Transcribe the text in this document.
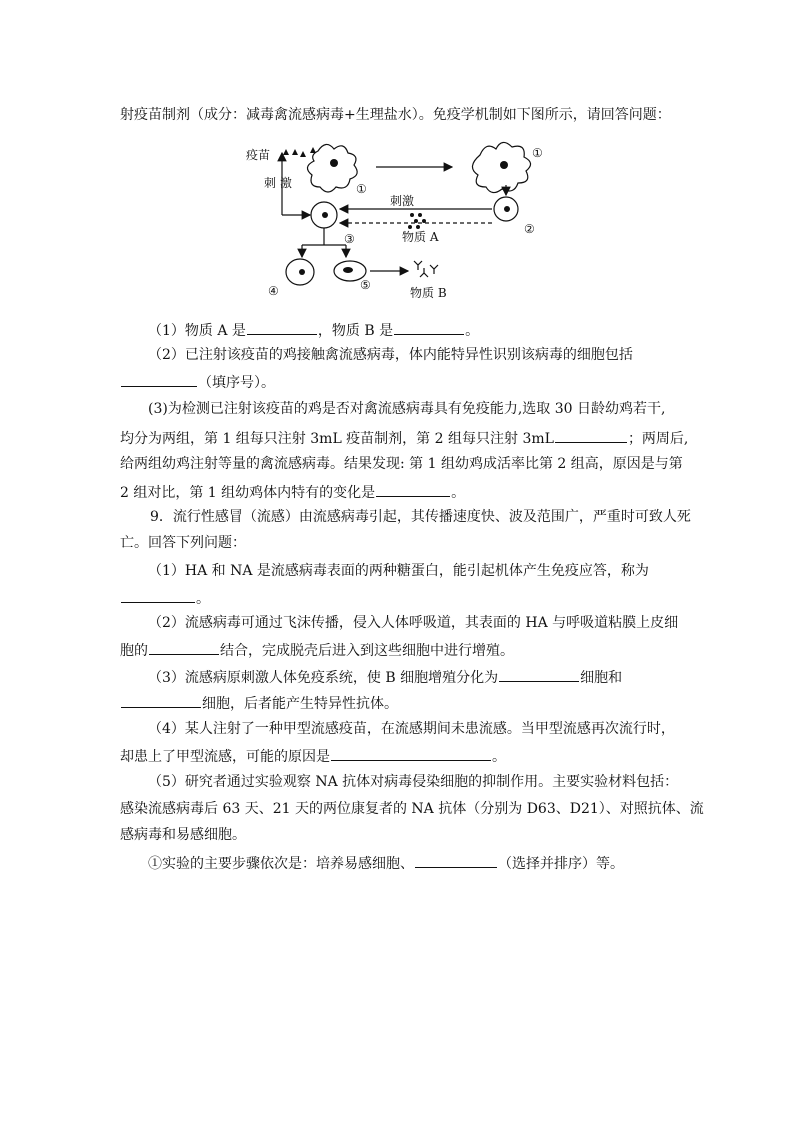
射疫苗制剂（成分：减毒禽流感病毒+生理盐水）。免疫学机制如下图所示，请回答问题：
疫苗
刺 激	①
①
③
②
刺激
物质 A
④	⑤
物质 B
（1）物质 A 是	，物质 B 是	。
（2）已注射该疫苗的鸡接触禽流感病毒，体内能特异性识别该病毒的细胞包括
（填序号）。
(3)为检测已注射该疫苗的鸡是否对禽流感病毒具有免疫能力,选取 30 日龄幼鸡若干,
均分为两组，第 1 组每只注射 3mL 疫苗制剂，第 2 组每只注射 3mL	；两周后,
给两组幼鸡注射等量的禽流感病毒。结果发现: 第 1 组幼鸡成活率比第 2 组高，原因是与第
2 组对比，第 1 组幼鸡体内特有的变化是	。
9．流行性感冒（流感）由流感病毒引起，其传播速度快、波及范围广，严重时可致人死
亡。回答下列问题：
（1）HA 和 NA 是流感病毒表面的两种糖蛋白，能引起机体产生免疫应答，称为
。
（2）流感病毒可通过飞沫传播，侵入人体呼吸道，其表面的 HA 与呼吸道粘膜上皮细
胞的	结合，完成脱壳后进入到这些细胞中进行增殖。
（3）流感病原刺激人体免疫系统，使 B 细胞增殖分化为	细胞和
细胞，后者能产生特异性抗体。
（4）某人注射了一种甲型流感疫苗，在流感期间未患流感。当甲型流感再次流行时，
却患上了甲型流感，可能的原因是	。
（5）研究者通过实验观察 NA 抗体对病毒侵染细胞的抑制作用。主要实验材料包括：
感染流感病毒后 63 天、21 天的两位康复者的 NA 抗体（分别为 D63、D21）、对照抗体、流
感病毒和易感细胞。
①实验的主要步骤依次是：培养易感细胞、	（选择并排序）等。
